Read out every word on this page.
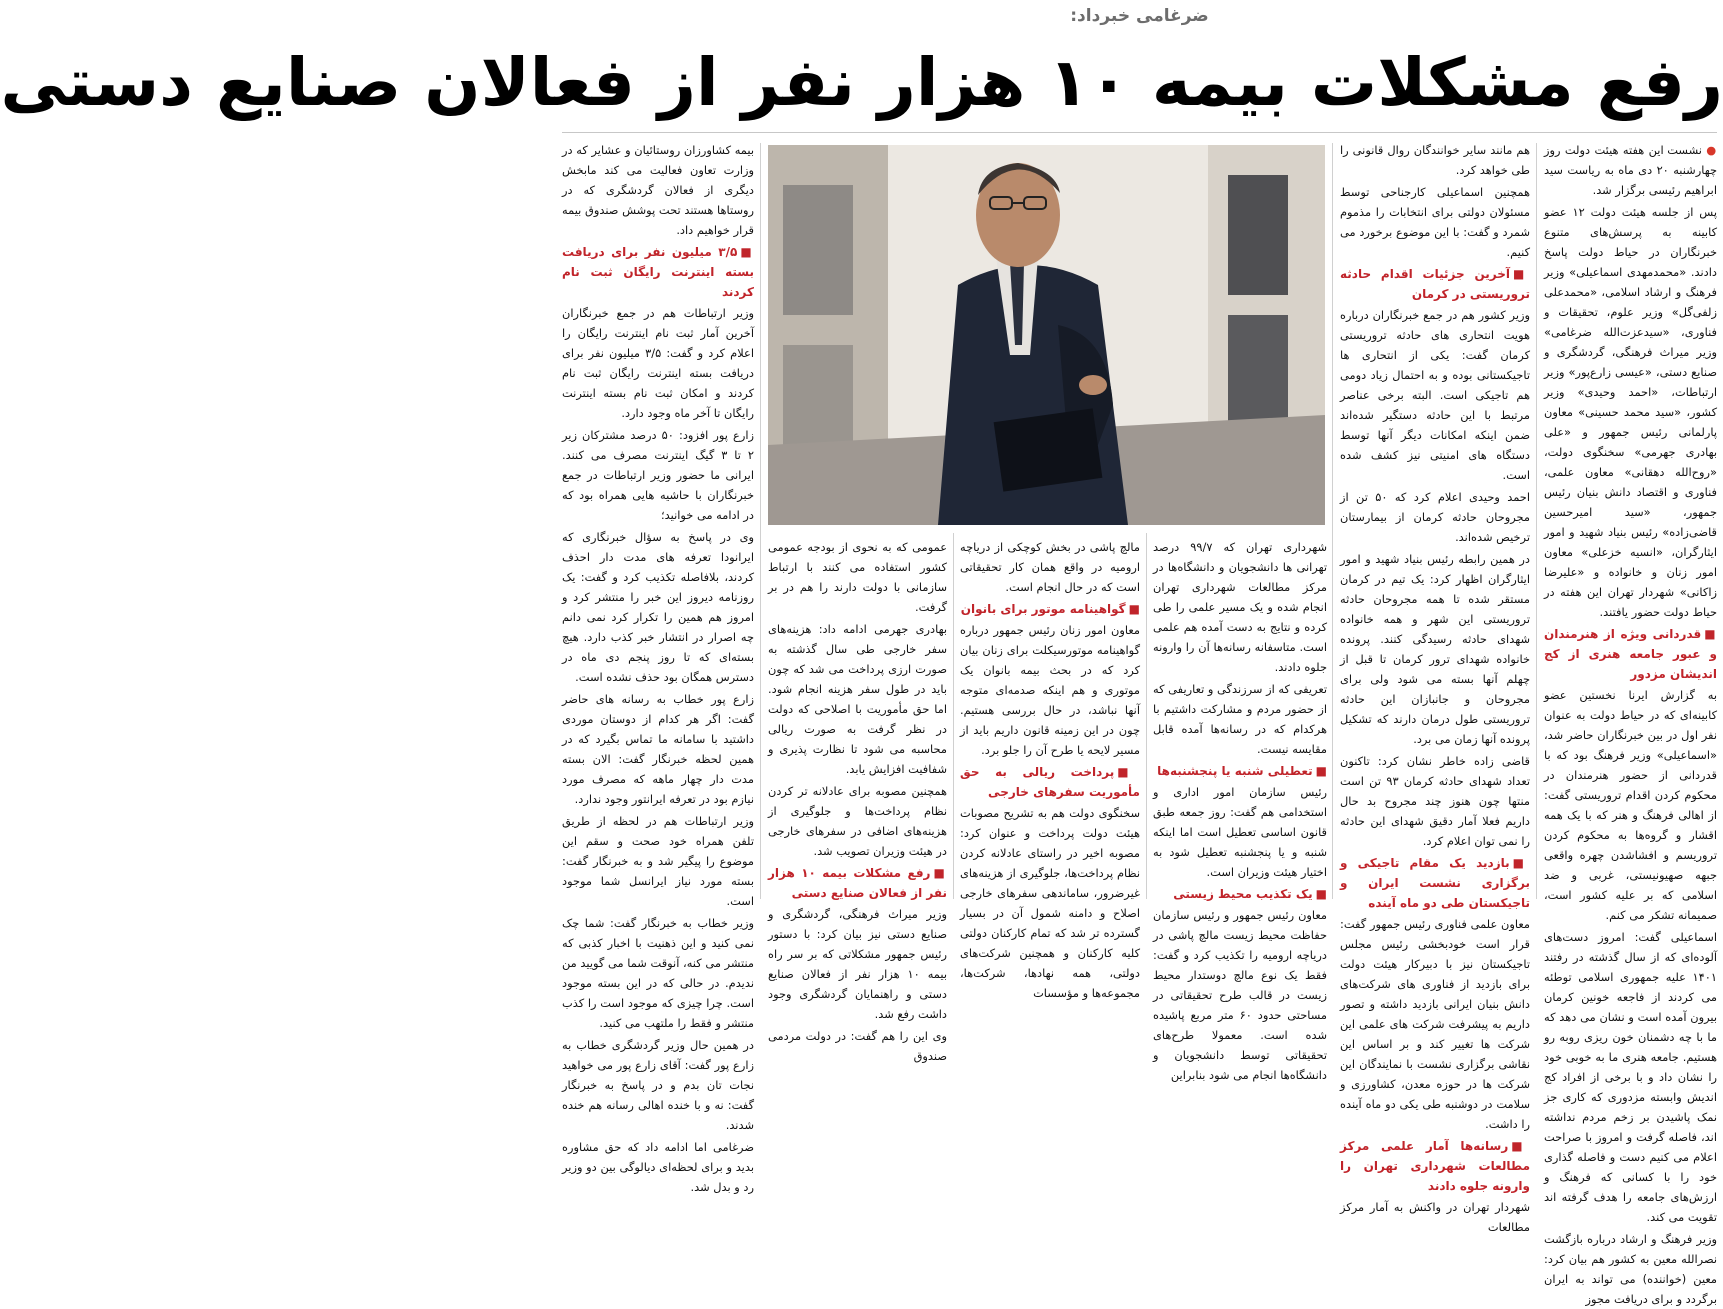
ضرغامی خبرداد:
رفع مشکلات بیمه ۱۰ هزار نفر از فعالان صنایع دستی

● نشست این هفته هیئت دولت روز چهارشنبه ۲۰ دی ماه به ریاست سید ابراهیم رئیسی برگزار شد.

پس از جلسه هیئت دولت ۱۲ عضو کابینه به پرسش‌های متنوع خبرنگاران در حیاط دولت پاسخ دادند. «محمدمهدی اسماعیلی» وزیر فرهنگ و ارشاد اسلامی، «محمدعلی زلفی‌گل» وزیر علوم، تحقیقات و فناوری، «سیدعزت‌الله ضرغامی» وزیر میراث فرهنگی، گردشگری و صنایع دستی، «عیسی زارع‌پور» وزیر ارتباطات، «احمد وحیدی» وزیر کشور، «سید محمد حسینی» معاون پارلمانی رئیس جمهور و «علی بهادری جهرمی» سخنگوی دولت، «روح‌الله دهقانی» معاون علمی، فناوری و اقتصاد دانش بنیان رئیس جمهور، «سید امیرحسین قاضی‌زاده» رئیس بنیاد شهید و امور ایثارگران، «انسیه خزعلی» معاون امور زنان و خانواده و «علیرضا زاکانی» شهردار تهران این هفته در حیاط دولت حضور یافتند.

■قدردانی ویژه از هنرمندان و عبور جامعه هنری از کج اندیشان مزدور

به گزارش ایرنا نخستین عضو کابینه‌ای که در حیاط دولت به عنوان نفر اول در بین خبرنگاران حاضر شد، «اسماعیلی» وزیر فرهنگ بود که با قدردانی از حضور هنرمندان در محکوم کردن اقدام تروریستی گفت: از اهالی فرهنگ و هنر که با یک همه اقشار و گروه‌ها به محکوم کردن تروریسم و افشاشدن چهره واقعی جبهه صهیونیستی، غربی و ضد اسلامی که بر علیه کشور است، صمیمانه تشکر می کنم.

اسماعیلی گفت: امروز دست‌های آلوده‌ای که از سال گذشته در رفتند ۱۴۰۱ علیه جمهوری اسلامی توطئه می کردند از فاجعه خونین کرمان بیرون آمده است و نشان می دهد که ما با چه دشمنان خون ریزی روبه رو هستیم. جامعه هنری ما به خوبی خود را نشان داد و با برخی از افراد کج اندیش وابسته مزدوری که کاری جز نمک پاشیدن بر زخم مردم نداشته اند، فاصله گرفت و امروز با صراحت اعلام می کنیم دست و فاصله گذاری خود را با کسانی که فرهنگ و ارزش‌های جامعه را هدف گرفته اند تقویت می کند.

وزیر فرهنگ و ارشاد درباره بازگشت نصرالله معین به کشور هم بیان کرد: معین (خواننده) می تواند به ایران برگردد و برای دریافت مجوز

هم مانند سایر خوانندگان روال قانونی را طی خواهد کرد.

همچنین اسماعیلی کارجناحی توسط مسئولان دولتی برای انتخابات را مذموم شمرد و گفت: با این موضوع برخورد می کنیم.

■آخرین جزئیات اقدام حادثه تروریستی در کرمان

وزیر کشور هم در جمع خبرنگاران درباره هویت انتحاری های حادثه تروریستی کرمان گفت: یکی از انتحاری ها تاجیکستانی بوده و به احتمال زیاد دومی هم تاجیکی است. البته برخی عناصر مرتبط با این حادثه دستگیر شده‌اند ضمن اینکه امکانات دیگر آنها توسط دستگاه های امنیتی نیز کشف شده است.

احمد وحیدی اعلام کرد که ۵۰ تن از مجروحان حادثه کرمان از بیمارستان ترخیص شده‌اند.

در همین رابطه رئیس بنیاد شهید و امور ایثارگران اظهار کرد: یک تیم در کرمان مستقر شده تا همه مجروحان حادثه تروریستی این شهر و همه خانواده شهدای حادثه رسیدگی کنند. پرونده خانواده شهدای ترور کرمان تا قبل از چهلم آنها بسته می شود ولی برای مجروحان و جانبازان این حادثه تروریستی طول درمان دارند که تشکیل پرونده آنها زمان می برد.

قاضی زاده خاطر نشان کرد: تاکنون تعداد شهدای حادثه کرمان ۹۳ تن است منتها چون هنوز چند مجروح بد حال داریم فعلا آمار دقیق شهدای این حادثه را نمی توان اعلام کرد.

■بازدید یک مقام تاجیکی و برگزاری نشست ایران و تاجیکستان طی دو ماه آینده

معاون علمی فناوری رئیس جمهور گفت: قرار است خودبخشی رئیس مجلس تاجیکستان نیز با دبیرکار هیئت دولت برای بازدید از فناوری های شرکت‌های دانش بنیان ایرانی بازدید داشته و تصور داریم به پیشرفت شرکت های علمی این شرکت ها تغییر کند و بر اساس این نقاشی برگزاری نشست با نمایندگان این شرکت ها در حوزه معدن، کشاورزی و سلامت در دوشنبه طی یکی دو ماه آینده را داشت.

■رسانه‌ها آمار علمی مرکز مطالعات شهرداری تهران را وارونه جلوه دادند

شهردار تهران در واکنش به آمار مرکز مطالعات

شهرداری تهران که ۹۹/۷ درصد تهرانی ها دانشجویان و دانشگاه‌ها در مرکز مطالعات شهرداری تهران انجام شده و یک مسیر علمی را طی کرده و نتایج به دست آمده هم علمی است. متاسفانه رسانه‌ها آن را وارونه جلوه دادند.

تعریفی که از سرزندگی و تعاریفی که از حضور مردم و مشارکت داشتیم با هرکدام که در رسانه‌ها آمده قابل مقایسه نیست.

■تعطیلی شنبه یا پنجشنبه‌ها

رئیس سازمان امور اداری و استخدامی هم گفت: روز جمعه طبق قانون اساسی تعطیل است اما اینکه شنبه و یا پنجشنبه تعطیل شود به اختیار هیئت وزیران است.

■یک تکذیب محیط زیستی

معاون رئیس جمهور و رئیس سازمان حفاظت محیط زیست مالچ پاشی در دریاچه ارومیه را تکذیب کرد و گفت: فقط یک نوع مالچ دوستدار محیط زیست در قالب طرح تحقیقاتی در مساحتی حدود ۶۰ متر مربع پاشیده شده است. معمولا طرح‌های تحقیقاتی توسط دانشجویان و دانشگاه‌ها انجام می شود بنابراین

مالچ پاشی در بخش کوچکی از دریاچه ارومیه در واقع همان کار تحقیقاتی است که در حال انجام است.

■گواهینامه موتور برای بانوان

معاون امور زنان رئیس جمهور درباره گواهینامه موتورسیکلت برای زنان بیان کرد که در بحث بیمه بانوان یک موتوری و هم اینکه صدمه‌ای متوجه آنها نباشد، در حال بررسی هستیم. چون در این زمینه قانون داریم باید از مسیر لایحه یا طرح آن را جلو برد.

■پرداخت ریالی به حق مأموریت سفرهای خارجی

سخنگوی دولت هم به تشریح مصوبات هیئت دولت پرداخت و عنوان کرد: مصوبه اخیر در راستای عادلانه کردن نظام پرداخت‌ها، جلوگیری از هزینه‌های غیرضرور، ساماندهی سفرهای خارجی اصلاح و دامنه شمول آن در بسیار گسترده تر شد که تمام کارکنان دولتی کلیه کارکنان و همچنین شرکت‌های دولتی، همه نهادها، شرکت‌ها، مجموعه‌ها و مؤسسات

عمومی که به نحوی از بودجه عمومی کشور استفاده می کنند با ارتباط سازمانی با دولت دارند را هم در بر گرفت.

بهادری جهرمی ادامه داد: هزینه‌های سفر خارجی طی سال گذشته به صورت ارزی پرداخت می شد که چون باید در طول سفر هزینه انجام شود. اما حق مأموریت با اصلاحی که دولت در نظر گرفت به صورت ریالی محاسبه می شود تا نظارت پذیری و شفافیت افزایش یابد.

همچنین مصوبه برای عادلانه تر کردن نظام پرداخت‌ها و جلوگیری از هزینه‌های اضافی در سفرهای خارجی در هیئت وزیران تصویب شد.

■رفع مشکلات بیمه ۱۰ هزار نفر از فعالان صنایع دستی

وزیر میراث فرهنگی، گردشگری و صنایع دستی نیز بیان کرد: با دستور رئیس جمهور مشکلاتی که بر سر راه بیمه ۱۰ هزار نفر از فعالان صنایع دستی و راهنمایان گردشگری وجود داشت رفع شد.

وی این را هم گفت: در دولت مردمی صندوق

بیمه کشاورزان روستائیان و عشایر که در وزارت تعاون فعالیت می کند مابخش دیگری از فعالان گردشگری که در روستاها هستند تحت پوشش صندوق بیمه قرار خواهیم داد.

■۳/۵ میلیون نفر برای دریافت بسته اینترنت رایگان ثبت نام کردند

وزیر ارتباطات هم در جمع خبرنگاران آخرین آمار ثبت نام اینترنت رایگان را اعلام کرد و گفت: ۳/۵ میلیون نفر برای دریافت بسته اینترنت رایگان ثبت نام کردند و امکان ثبت نام بسته اینترنت رایگان تا آخر ماه وجود دارد.

زارع پور افزود: ۵۰ درصد مشترکان زیر ۲ تا ۳ گیگ اینترنت مصرف می کنند. ایرانی ما حضور وزیر ارتباطات در جمع خبرنگاران با حاشیه هایی همراه بود که در ادامه می خوانید؛

وی در پاسخ به سؤال خبرنگاری که ایرانودا تعرفه های مدت دار احذف کردند، بلافاصله تکذیب کرد و گفت: یک روزنامه دیروز این خبر را منتشر کرد و امروز هم همین را تکرار کرد نمی دانم چه اصرار در انتشار خبر کذب دارد. هیچ بسته‌ای که تا روز پنجم دی ماه در دسترس همگان بود حذف نشده است.

زارع پور خطاب به رسانه های حاضر گفت: اگر هر کدام از دوستان موردی داشتید با سامانه ما تماس بگیرد که در همین لحظه خبرنگار گفت: الان بسته مدت دار چهار ماهه که مصرف مورد نیازم بود در تعرفه ایرانتور وجود ندارد.

وزیر ارتباطات هم در لحظه از طریق تلفن همراه خود صحت و سقم این موضوع را پیگیر شد و به خبرنگار گفت: بسته مورد نیاز ایرانسل شما موجود است.

وزیر خطاب به خبرنگار گفت: شما چک نمی کنید و این ذهنیت با اخبار کذبی که منتشر می کنه، آنوقت شما می گویید من ندیدم. در حالی که در این بسته موجود است. چرا چیزی که موجود است را کذب منتشر و فقط را ملتهب می کنید.

در همین حال وزیر گردشگری خطاب به زارع پور گفت: آقای زارع پور می خواهید نجات تان بدم و در پاسخ به خبرنگار گفت: نه و با خنده اهالی رسانه هم خنده شدند.

ضرغامی اما ادامه داد که حق مشاوره بدید و برای لحظه‌ای دیالوگی بین دو وزیر رد و بدل شد.
